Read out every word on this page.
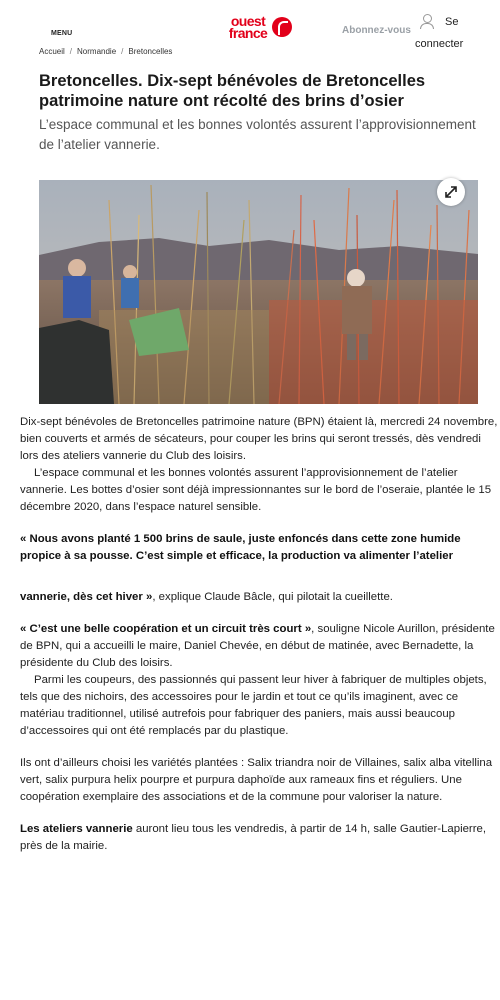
MENU
ouest
france	Abonnez-vous
Se
connecter
Accueil / Normandie / Bretoncelles
Bretoncelles. Dix-sept bénévoles de Bretoncelles patrimoine nature ont récolté des brins d’osier

L’espace communal et les bonnes volontés assurent l’approvisionnement de l’atelier vannerie.

Dix-sept bénévoles de Bretoncelles patrimoine nature (BPN) étaient là, mercredi 24 novembre, bien couverts et armés de sécateurs, pour couper les brins qui seront tressés, dès vendredi lors des ateliers vannerie du Club des loisirs.

L’espace communal et les bonnes volontés assurent l’approvisionnement de l’atelier vannerie. Les bottes d’osier sont déjà impressionnantes sur le bord de l’oseraie, plantée le 15 décembre 2020, dans l’espace naturel sensible.

« Nous avons planté 1 500 brins de saule, juste enfoncés dans cette zone humide propice à sa pousse. C’est simple et efficace, la production va alimenter l’atelier

vannerie, dès cet hiver », explique Claude Bâcle, qui pilotait la cueillette.

« C’est une belle coopération et un circuit très court », souligne Nicole Aurillon, présidente de BPN, qui a accueilli le maire, Daniel Chevée, en début de matinée, avec Bernadette, la présidente du Club des loisirs.

Parmi les coupeurs, des passionnés qui passent leur hiver à fabriquer de multiples objets, tels que des nichoirs, des accessoires pour le jardin et tout ce qu’ils imaginent, avec ce matériau traditionnel, utilisé autrefois pour fabriquer des paniers, mais aussi beaucoup d’accessoires qui ont été remplacés par du plastique.

Ils ont d’ailleurs choisi les variétés plantées : Salix triandra noir de Villaines, salix alba vitellina vert, salix purpura helix pourpre et purpura daphoïde aux rameaux fins et réguliers. Une coopération exemplaire des associations et de la commune pour valoriser la nature.

Les ateliers vannerie auront lieu tous les vendredis, à partir de 14 h, salle Gautier-Lapierre, près de la mairie.
